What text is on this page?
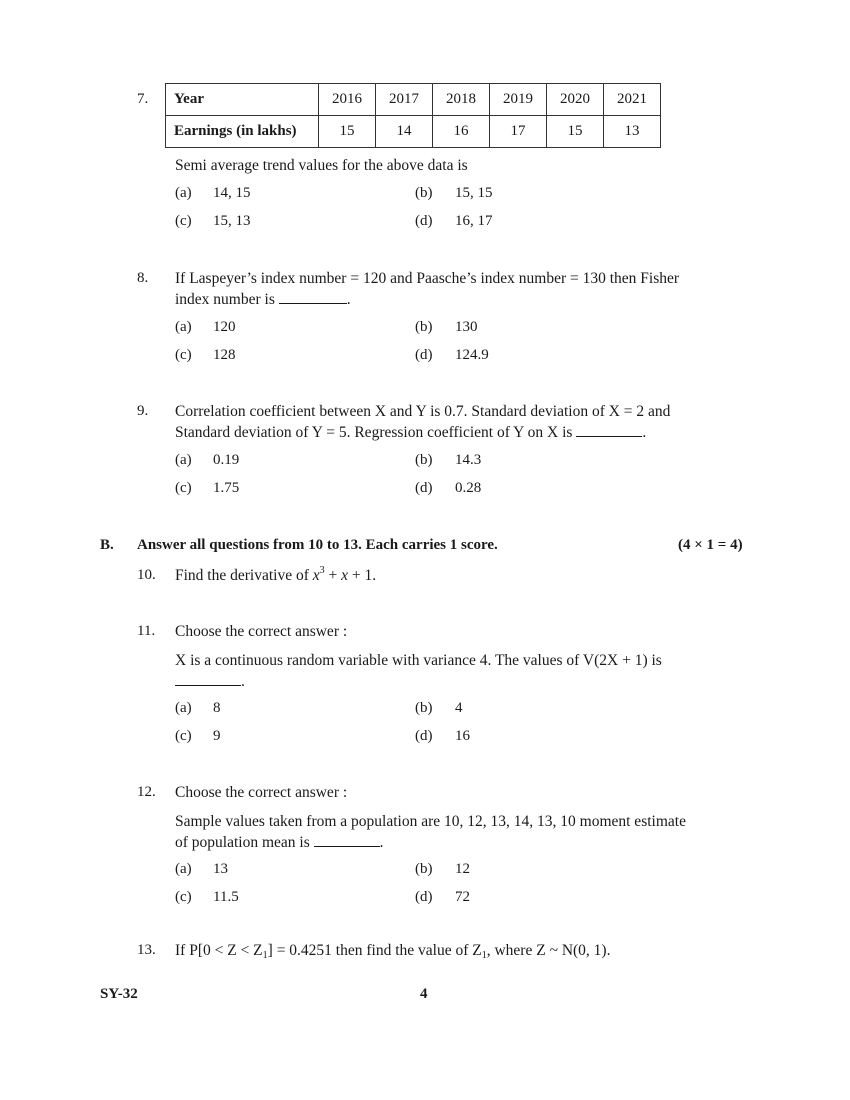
7. Year	2016	2017	2018	2019	2020	2021
Earnings (in lakhs)	15	14	16	17	15	13
Semi average trend values for the above data is
(a) 14, 15	(b) 15, 15
(c) 15, 13	(d) 16, 17
8. If Laspeyer’s index number = 120 and Paasche’s index number = 130 then Fisher
index number is	.
(a) 120	(b) 130
(c) 128	(d) 124.9
9. Correlation coefficient between X and Y is 0.7. Standard deviation of X = 2 and
Standard deviation of Y = 5. Regression coefficient of Y on X is	.
(a) 0.19	(b) 14.3
(c) 1.75	(d) 0.28
B. Answer all questions from 10 to 13. Each carries 1 score.	(4 × 1 = 4)
10. Find the derivative of $x^3 + x + 1$.
11. Choose the correct answer :
X is a continuous random variable with variance 4. The values of V(2X + 1) is
.
(a) 8	(b) 4
(c) 9	(d) 16
12. Choose the correct answer :
Sample values taken from a population are 10, 12, 13, 14, 13, 10 moment estimate
of population mean is	.
(a) 13	(b) 12
(c) 11.5	(d) 72
13. If $P[0 < Z < Z_1] = 0.4251$ then find the value of $Z_1$, where Z ~ N(0, 1).
SY-32	4
